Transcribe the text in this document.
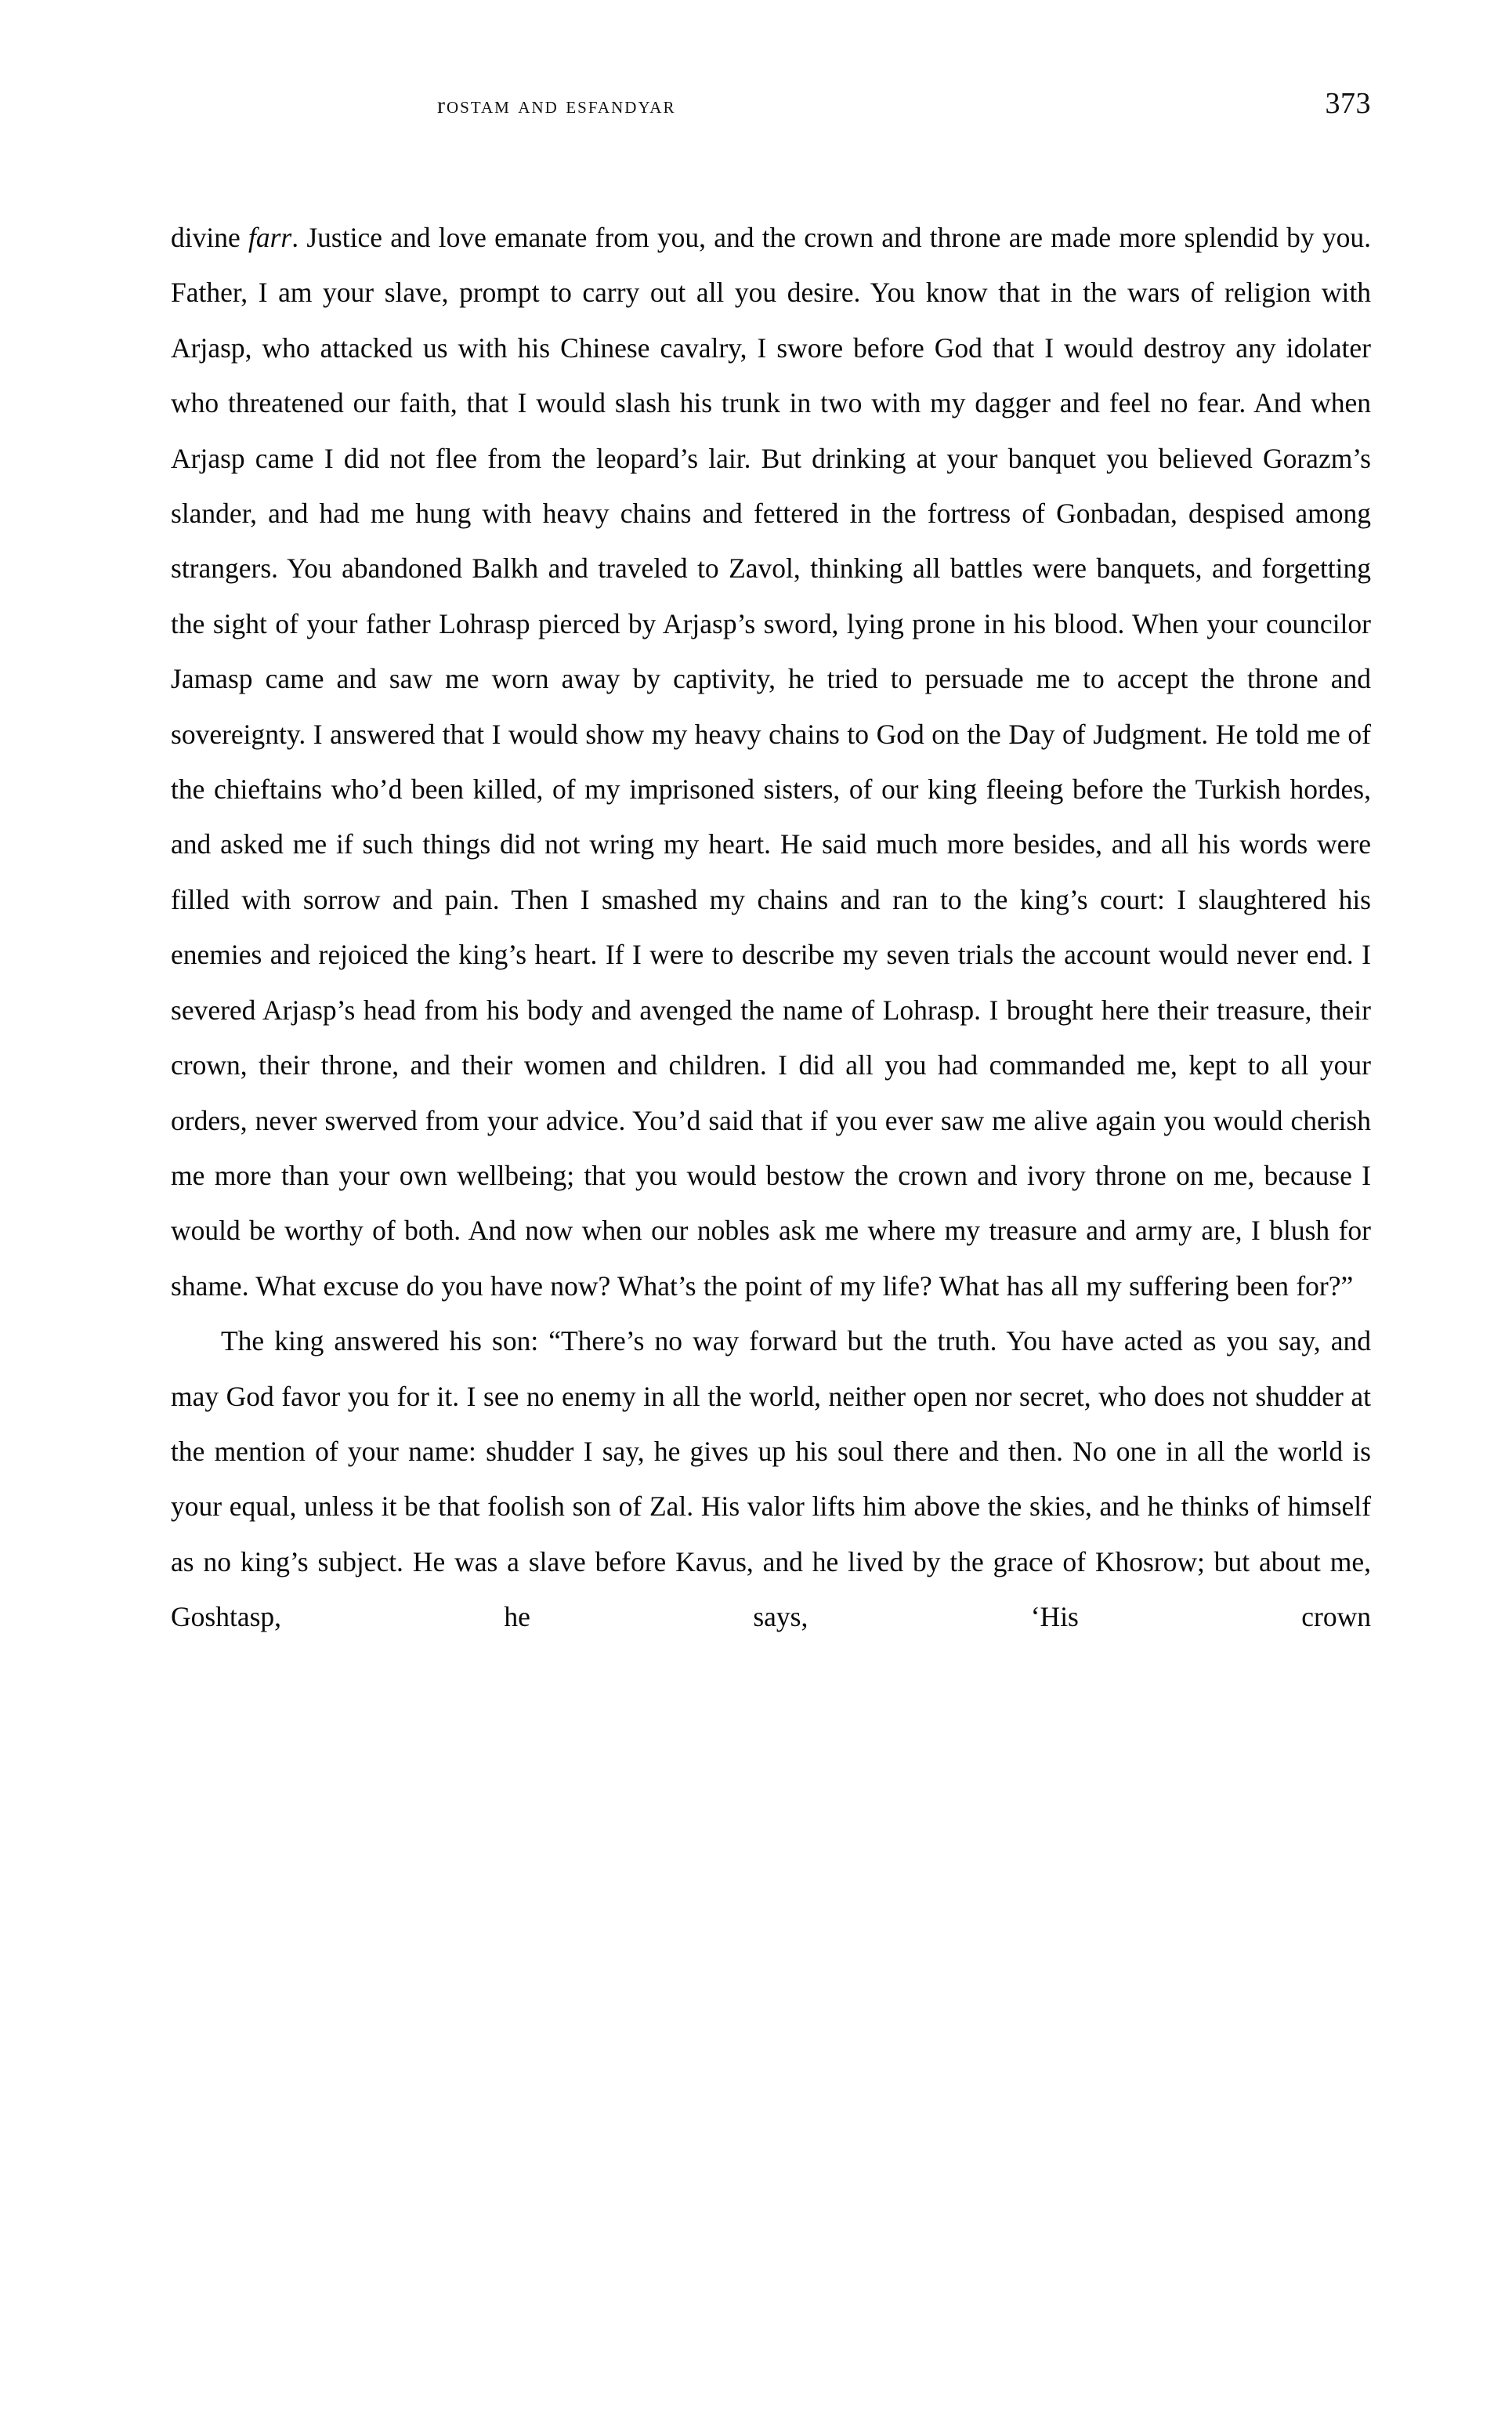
rostam and esfandyar	373

divine farr. Justice and love emanate from you, and the crown and throne are made more splendid by you. Father, I am your slave, prompt to carry out all you desire. You know that in the wars of religion with Arjasp, who attacked us with his Chinese cavalry, I swore before God that I would destroy any idolater who threatened our faith, that I would slash his trunk in two with my dagger and feel no fear. And when Arjasp came I did not flee from the leopard’s lair. But drinking at your banquet you believed Gorazm’s slander, and had me hung with heavy chains and fettered in the fortress of Gonbadan, despised among strangers. You abandoned Balkh and traveled to Zavol, thinking all battles were banquets, and forgetting the sight of your father Lohrasp pierced by Arjasp’s sword, lying prone in his blood. When your councilor Jamasp came and saw me worn away by captivity, he tried to persuade me to accept the throne and sovereignty. I answered that I would show my heavy chains to God on the Day of Judgment. He told me of the chieftains who’d been killed, of my imprisoned sisters, of our king fleeing before the Turkish hordes, and asked me if such things did not wring my heart. He said much more besides, and all his words were filled with sorrow and pain. Then I smashed my chains and ran to the king’s court: I slaughtered his enemies and rejoiced the king’s heart. If I were to describe my seven trials the account would never end. I severed Arjasp’s head from his body and avenged the name of Lohrasp. I brought here their treasure, their crown, their throne, and their women and children. I did all you had commanded me, kept to all your orders, never swerved from your advice. You’d said that if you ever saw me alive again you would cherish me more than your own wellbeing; that you would bestow the crown and ivory throne on me, because I would be worthy of both. And now when our nobles ask me where my treasure and army are, I blush for shame. What excuse do you have now? What’s the point of my life? What has all my suffering been for?”

The king answered his son: “There’s no way forward but the truth. You have acted as you say, and may God favor you for it. I see no enemy in all the world, neither open nor secret, who does not shudder at the mention of your name: shudder I say, he gives up his soul there and then. No one in all the world is your equal, unless it be that foolish son of Zal. His valor lifts him above the skies, and he thinks of himself as no king’s subject. He was a slave before Kavus, and he lived by the grace of Khosrow; but about me, Goshtasp, he says, ‘His crown
